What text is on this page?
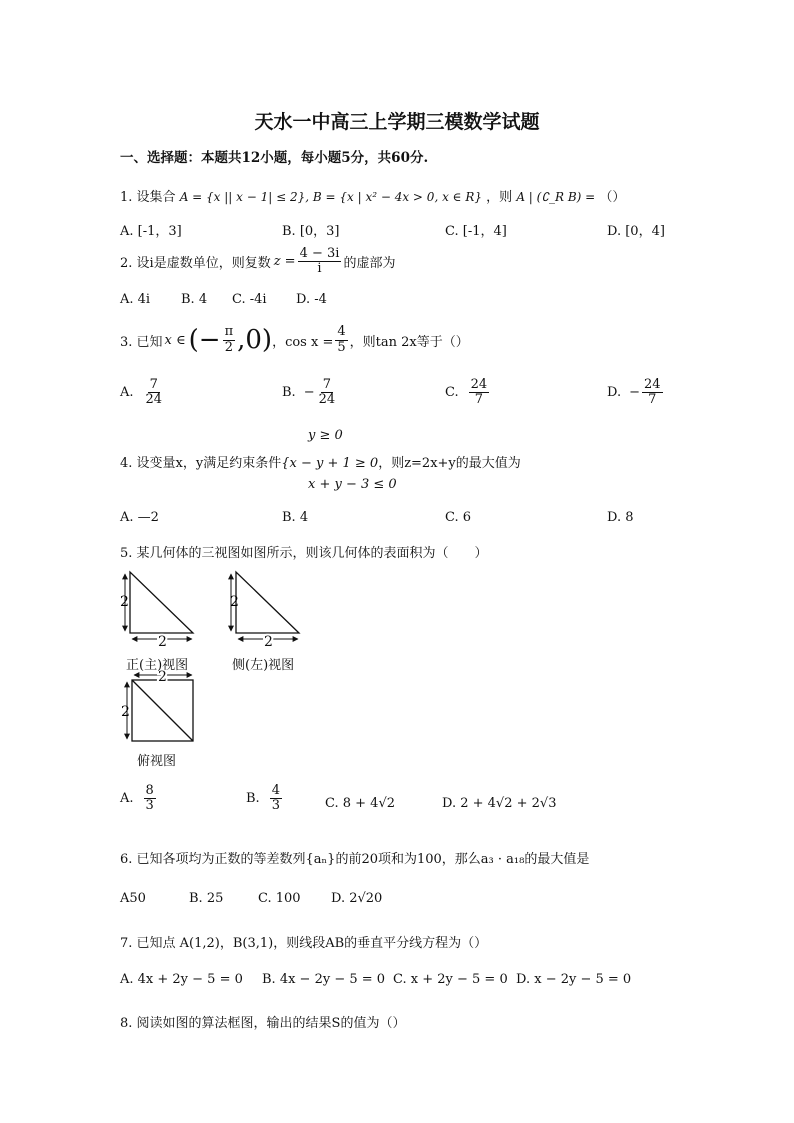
天水一中高三上学期三模数学试题
一、选择题：本题共12小题，每小题5分，共60分.
1. 设集合 A = {x || x − 1| ≤ 2}, B = {x | x² − 4x > 0, x ∈ R} ，则 A | (∁_R B) = （）
A. [-1，3]	B. [0，3]	C. [-1，4]	D. [0，4]
2. 设i是虚数单位，则复数 $z = \frac{4 - 3i}{i}$ 的虚部为
A. 4i B. 4 C. -4i D. -4
3. 已知 x ∈ (− $\frac{\pi}{2} ,0$) ，$\cos x = \frac{4}{5}$ ，则tan 2x等于（）
A. $\frac{7}{24}$	B. − $\frac{7}{24}$	C. $\frac{24}{7}$	D. − $\frac{24}{7}$
y ≥ 0
4. 设变量x，y满足约束条件{x − y + 1 ≥ 0，则z=2x+y的最大值为
x + y − 3 ≤ 0
A. —2	B. 4	C. 6	D. 8
5. 某几何体的三视图如图所示，则该几何体的表面积为（　　）
2
2
2
2
2
2
正(主)视图	侧(左)视图
俯视图
A. $\frac{8}{3}$	B. $\frac{4}{3}$	C. 8 + 4√2	D. 2 + 4√2 + 2√3
6. 已知各项均为正数的等差数列{aₙ}的前20项和为100，那么a₃ · a₁₈的最大值是
A50	B. 25	C. 100 D. 2√20
7. 已知点 A(1,2)，B(3,1)，则线段AB的垂直平分线方程为（）
A. 4x + 2y − 5 = 0 B. 4x − 2y − 5 = 0 C. x + 2y − 5 = 0 D. x − 2y − 5 = 0
8. 阅读如图的算法框图，输出的结果S的值为（）
